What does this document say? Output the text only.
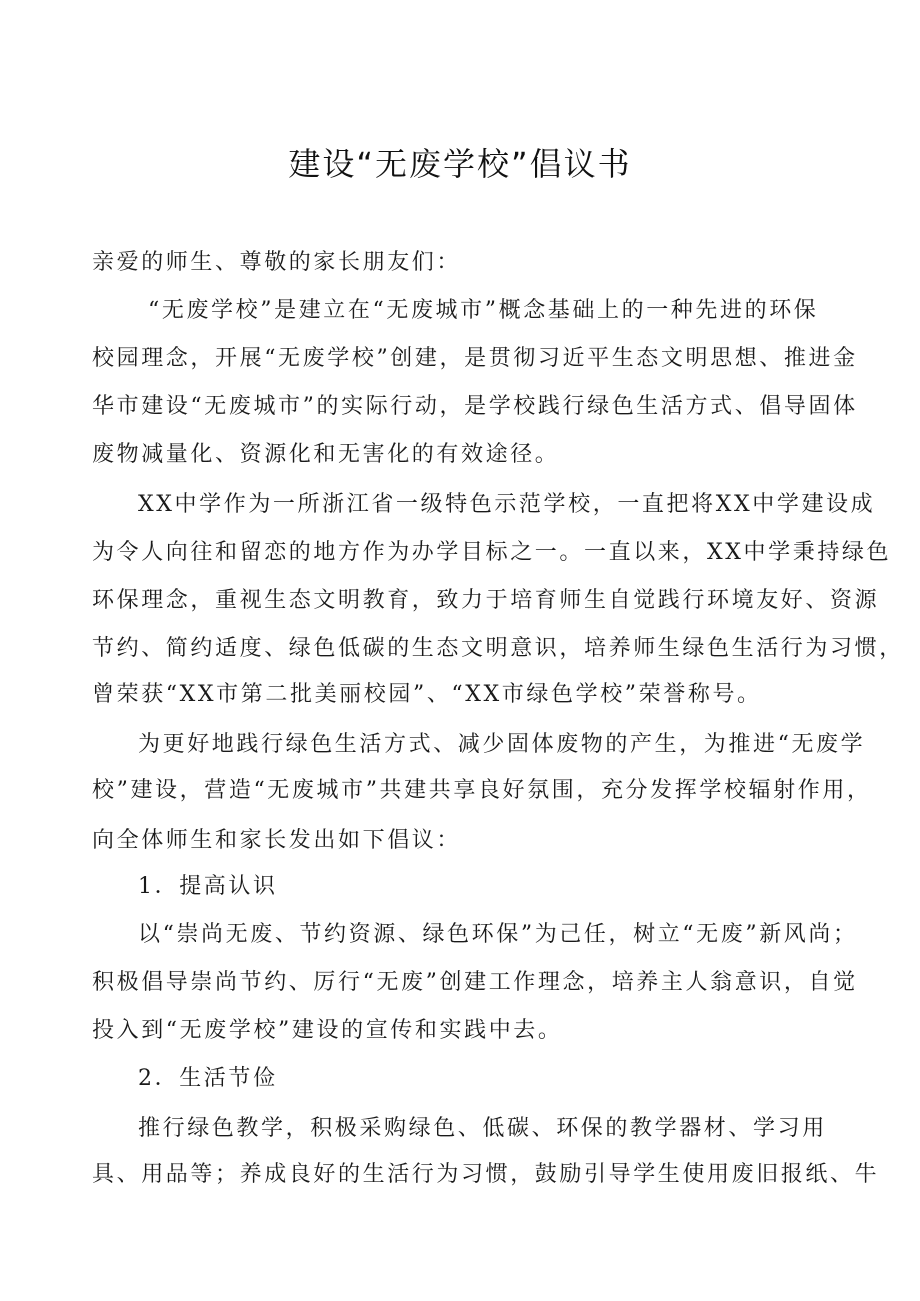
建设“无废学校”倡议书
亲爱的师生、尊敬的家长朋友们：
“无废学校”是建立在“无废城市”概念基础上的一种先进的环保
校园理念，开展“无废学校”创建，是贯彻习近平生态文明思想、推进金
华市建设“无废城市”的实际行动，是学校践行绿色生活方式、倡导固体
废物减量化、资源化和无害化的有效途径。
XX中学作为一所浙江省一级特色示范学校，一直把将XX中学建设成
为令人向往和留恋的地方作为办学目标之一。一直以来，XX中学秉持绿色
环保理念，重视生态文明教育，致力于培育师生自觉践行环境友好、资源
节约、简约适度、绿色低碳的生态文明意识，培养师生绿色生活行为习惯，
曾荣获“XX市第二批美丽校园”、“XX市绿色学校”荣誉称号。
为更好地践行绿色生活方式、减少固体废物的产生，为推进“无废学
校”建设，营造“无废城市”共建共享良好氛围，充分发挥学校辐射作用，
向全体师生和家长发出如下倡议：
1．提高认识
以“崇尚无废、节约资源、绿色环保”为己任，树立“无废”新风尚；
积极倡导崇尚节约、厉行“无废”创建工作理念，培养主人翁意识，自觉
投入到“无废学校”建设的宣传和实践中去。
2．生活节俭
推行绿色教学，积极采购绿色、低碳、环保的教学器材、学习用
具、用品等；养成良好的生活行为习惯，鼓励引导学生使用废旧报纸、牛
